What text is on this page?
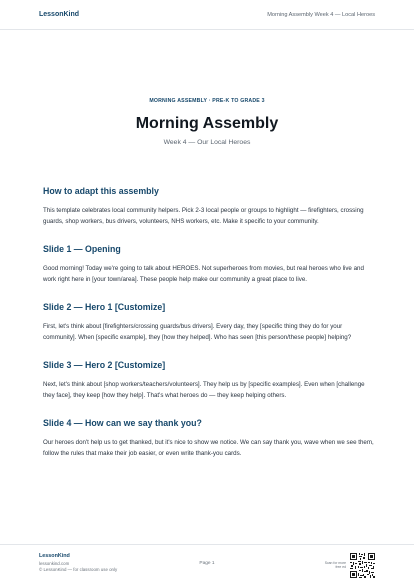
LessonKind	Morning Assembly Week 4 — Local Heroes
MORNING ASSEMBLY · PRE-K TO GRADE 3
Morning Assembly
Week 4 — Our Local Heroes
How to adapt this assembly

This template celebrates local community helpers. Pick 2-3 local people or groups to highlight — firefighters, crossing guards, shop workers, bus drivers, volunteers, NHS workers, etc. Make it specific to your community.

Slide 1 — Opening

Good morning! Today we're going to talk about HEROES. Not superheroes from movies, but real heroes who live and work right here in [your town/area]. These people help make our community a great place to live.

Slide 2 — Hero 1 [Customize]

First, let's think about [firefighters/crossing guards/bus drivers]. Every day, they [specific thing they do for your community]. When [specific example], they [how they helped]. Who has seen [this person/these people] helping?

Slide 3 — Hero 2 [Customize]

Next, let's think about [shop workers/teachers/volunteers]. They help us by [specific examples]. Even when [challenge they face], they keep [how they help]. That's what heroes do — they keep helping others.

Slide 4 — How can we say thank you?

Our heroes don't help us to get thanked, but it's nice to show we notice. We can say thank you, wave when we see them, follow the rules that make their job easier, or even write thank-you cards.

LessonKind
lessonkind.com
© LessonKind — for classroom use only
Page 1	Scan for more free ed
